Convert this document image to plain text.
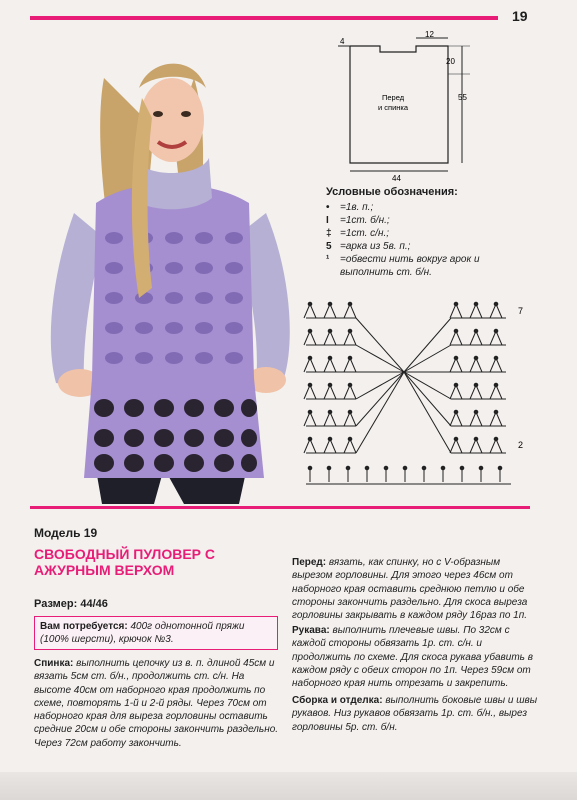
19
12
4
20
55
44
Перед
и спинка
Условные обозначения:
•	=1в. п.;
I	=1ст. б/н.;
‡ =1ст. с/н.;
5 =арка из 5в. п.;
¹	=обвести нить вокруг арок и выполнить ст. б/н.
7
2
Модель 19
СВОБОДНЫЙ ПУЛОВЕР С АЖУРНЫМ ВЕРХОМ
Размер: 44/46
Вам потребуется: 400г однотонной пряжи (100% шерсти), крючок №3.
Спинка: выполнить цепочку из в. п. длиной 45см и вязать 5см ст. б/н., продолжить ст. с/н. На высоте 40см от наборного края продолжить по схеме, повторять 1-й и 2-й ряды. Через 70см от наборного края для выреза горловины оставить средние 20см и обе стороны закончить раздельно. Через 72см работу закончить.
Перед: вязать, как спинку, но с V-образным вырезом горловины. Для этого через 46см от наборного края оставить среднюю петлю и обе стороны закончить раздельно. Для скоса выреза горловины закрывать в каждом ряду 16раз по 1п.
Рукава: выполнить плечевые швы. По 32см с каждой стороны обвязать 1р. ст. с/н. и продолжить по схеме. Для скоса рукава убавить в каждом ряду с обеих сторон по 1п. Через 59см от наборного края нить отрезать и закрепить.
Сборка и отделка: выполнить боковые швы и швы рукавов. Низ рукавов обвязать 1р. ст. б/н., вырез горловины 5р. ст. б/н.
